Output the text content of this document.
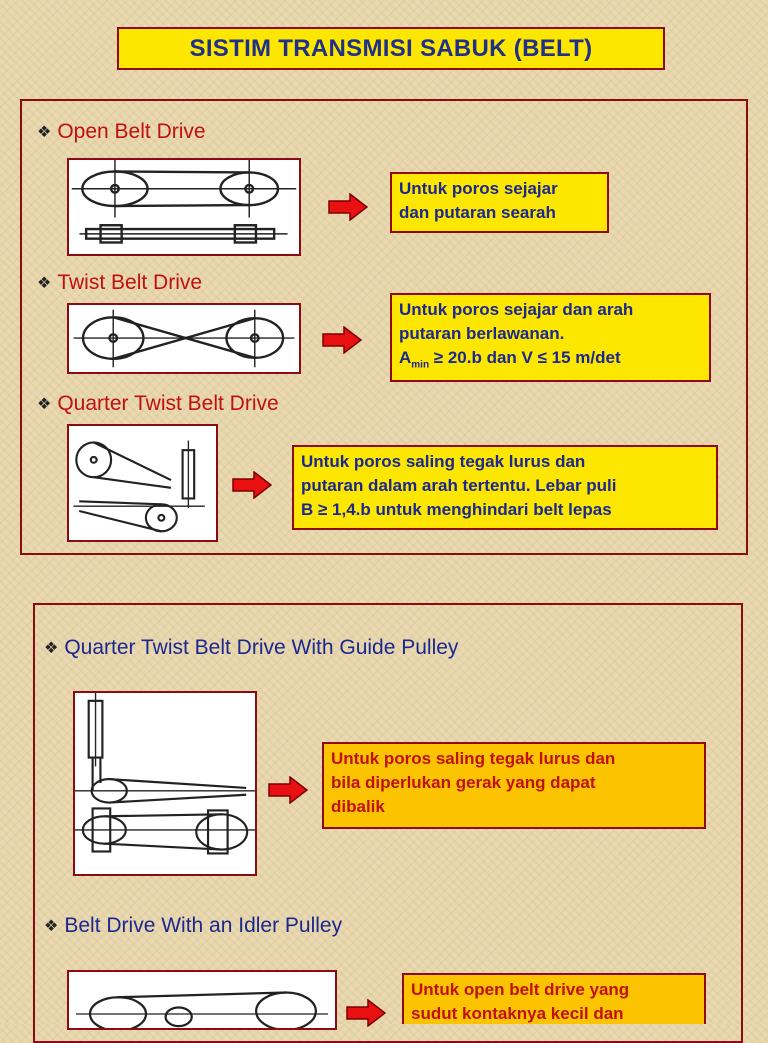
SISTIM TRANSMISI SABUK (BELT)
❖ Open Belt Drive
Untuk poros sejajar
dan putaran searah
❖ Twist Belt Drive
Untuk poros sejajar dan arah
putaran berlawanan.
$A_{min} \ge 20.b$ dan V ≤ 15 m/det
❖ Quarter Twist Belt Drive
Untuk poros saling tegak lurus dan
putaran dalam arah tertentu. Lebar puli
B ≥ 1,4.b untuk menghindari belt lepas
❖ Quarter Twist Belt Drive With Guide Pulley
Untuk poros saling tegak lurus dan
bila diperlukan gerak yang dapat
dibalik
❖ Belt Drive With an Idler Pulley
Untuk open belt drive yang
sudut kontaknya kecil dan
